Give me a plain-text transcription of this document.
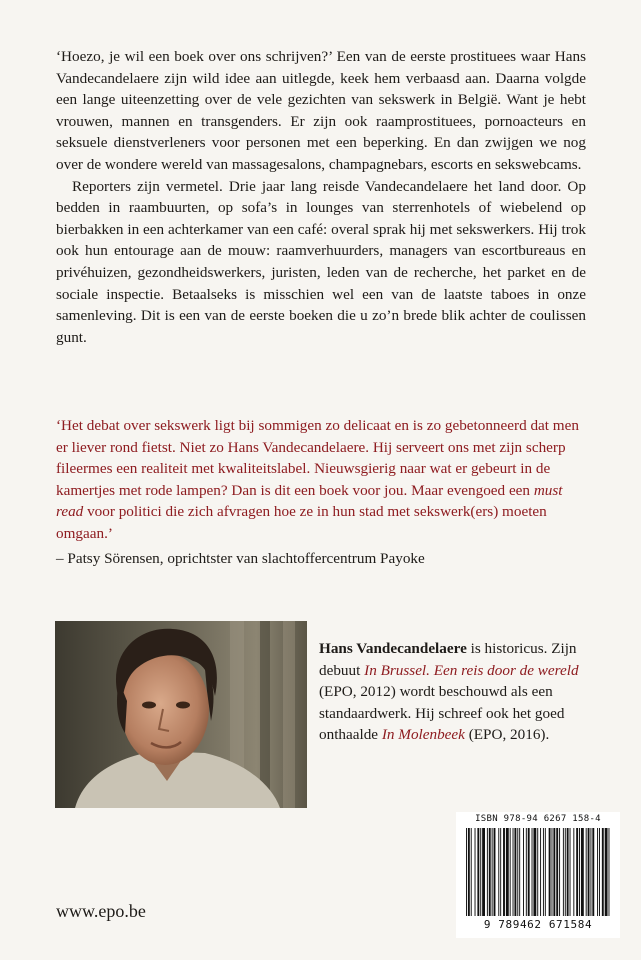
‘Hoezo, je wil een boek over ons schrijven?’ Een van de eerste prostituees waar Hans Vandecandelaere zijn wild idee aan uitlegde, keek hem verbaasd aan. Daarna volgde een lange uiteenzetting over de vele gezichten van sekswerk in België. Want je hebt vrouwen, mannen en transgenders. Er zijn ook raamprostituees, pornoacteurs en seksuele dienstverleners voor personen met een beperking. En dan zwijgen we nog over de wondere wereld van massagesalons, champagnebars, escorts en sekswebcams.

Reporters zijn vermetel. Drie jaar lang reisde Vandecandelaere het land door. Op bedden in raambuurten, op sofa’s in lounges van sterrenhotels of wiebelend op bierbakken in een achterkamer van een café: overal sprak hij met sekswerkers. Hij trok ook hun entourage aan de mouw: raamverhuurders, managers van escortbureaus en privéhuizen, gezondheidswerkers, juristen, leden van de recherche, het parket en de sociale inspectie. Betaalseks is misschien wel een van de laatste taboes in onze samenleving. Dit is een van de eerste boeken die u zo’n brede blik achter de coulissen gunt.

‘Het debat over sekswerk ligt bij sommigen zo delicaat en is zo gebetonneerd dat men er liever rond fietst. Niet zo Hans Vandecandelaere. Hij serveert ons met zijn scherp fileermes een realiteit met kwaliteitslabel. Nieuwsgierig naar wat er gebeurt in de kamertjes met rode lampen? Dan is dit een boek voor jou. Maar evengoed een must read voor politici die zich afvragen hoe ze in hun stad met sekswerk(ers) moeten omgaan.’

– Patsy Sörensen, oprichtster van slachtoffercentrum Payoke

Hans Vandecandelaere is historicus. Zijn debuut In Brussel. Een reis door de wereld (EPO, 2012) wordt beschouwd als een standaardwerk. Hij schreef ook het goed onthaalde In Molenbeek (EPO, 2016).

ISBN 978-94 6267 158-4
9 789462 671584
www.epo.be
